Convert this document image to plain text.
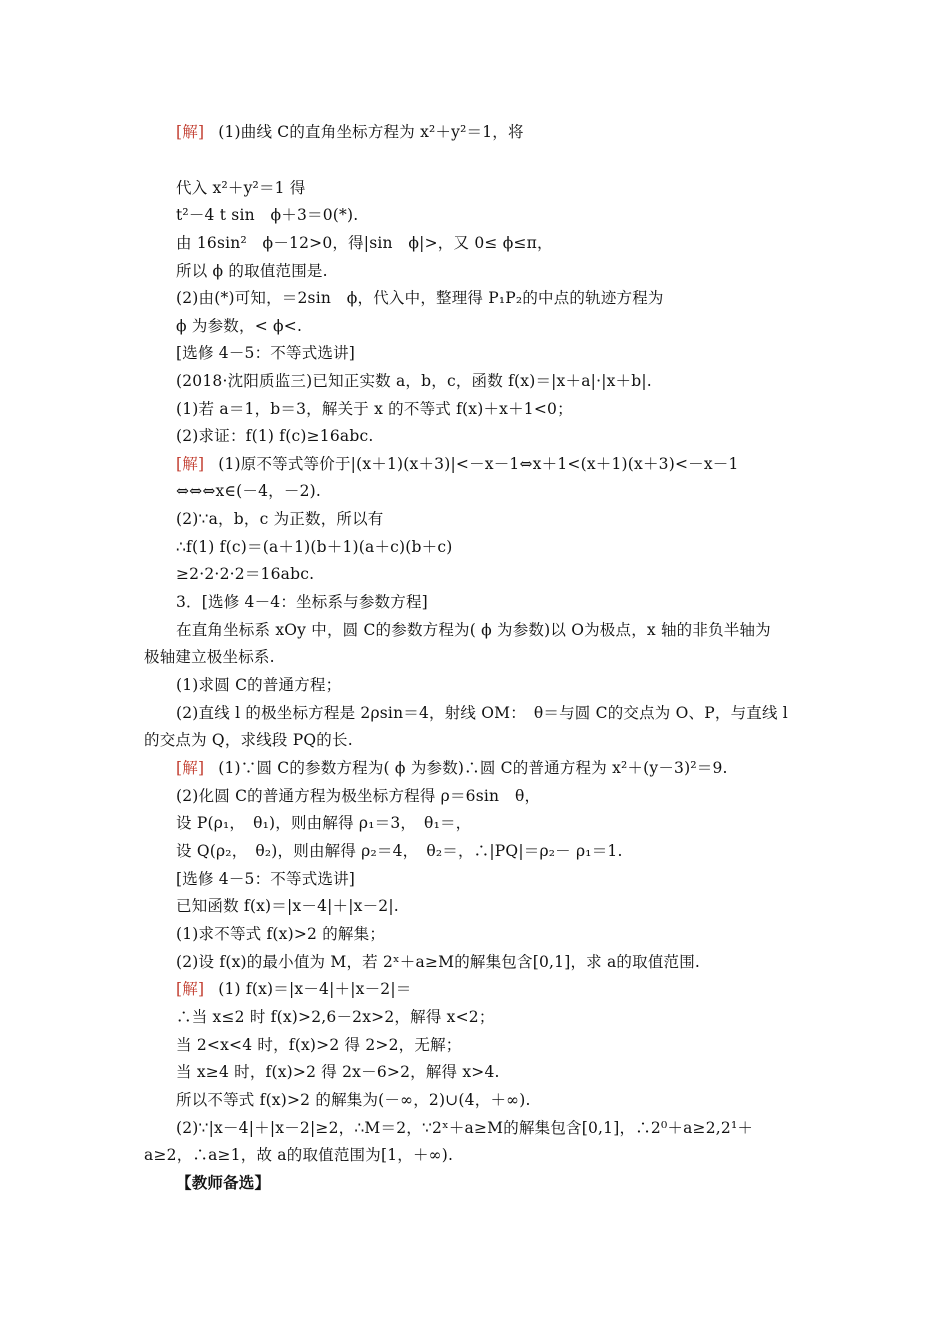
[解] (1)曲线 C的直角坐标方程为 x²＋y²＝1，将
代入 x²＋y²＝1 得
t²－4 t sin　ϕ＋3＝0(*).
由 16sin²　ϕ－12>0，得|sin　ϕ|>，又 0≤ ϕ≤π，
所以 ϕ 的取值范围是.
(2)由(*)可知，＝2sin　ϕ，代入中，整理得 P₁P₂的中点的轨迹方程为
ϕ 为参数，< ϕ<.
[选修 4－5：不等式选讲]
(2018·沈阳质监三)已知正实数 a，b，c，函数 f(x)＝|x＋a|·|x＋b|.
(1)若 a＝1，b＝3，解关于 x 的不等式 f(x)＋x＋1<0；
(2)求证：f(1) f(c)≥16abc.
[解] (1)原不等式等价于|(x＋1)(x＋3)|<－x－1⇔x＋1<(x＋1)(x＋3)<－x－1
⇔⇔⇔x∈(－4，－2).
(2)∵a，b，c 为正数，所以有
∴f(1) f(c)＝(a＋1)(b＋1)(a＋c)(b＋c)
≥2·2·2·2＝16abc.
3．[选修 4－4：坐标系与参数方程]
在直角坐标系 xOy 中，圆 C的参数方程为( ϕ 为参数)以 O为极点，x 轴的非负半轴为
极轴建立极坐标系.
(1)求圆 C的普通方程；
(2)直线 l 的极坐标方程是 2ρsin＝4，射线 OM：　θ＝与圆 C的交点为 O、P，与直线 l
的交点为 Q，求线段 PQ的长.
[解] (1)∵圆 C的参数方程为( ϕ 为参数)∴圆 C的普通方程为 x²＋(y－3)²＝9.
(2)化圆 C的普通方程为极坐标方程得 ρ＝6sin　θ，
设 P(ρ₁，　θ₁)，则由解得 ρ₁＝3，　θ₁＝，
设 Q(ρ₂，　θ₂)，则由解得 ρ₂＝4，　θ₂＝，∴|PQ|＝ρ₂－ ρ₁＝1.
[选修 4－5：不等式选讲]
已知函数 f(x)＝|x－4|＋|x－2|.
(1)求不等式 f(x)>2 的解集；
(2)设 f(x)的最小值为 M，若 2ˣ＋a≥M的解集包含[0,1]，求 a的取值范围.
[解] (1) f(x)＝|x－4|＋|x－2|＝
∴当 x≤2 时 f(x)>2,6－2x>2，解得 x<2；
当 2<x<4 时，f(x)>2 得 2>2，无解；
当 x≥4 时，f(x)>2 得 2x－6>2，解得 x>4.
所以不等式 f(x)>2 的解集为(－∞，2)∪(4，＋∞).
(2)∵|x－4|＋|x－2|≥2，∴M＝2，∵2ˣ＋a≥M的解集包含[0,1]，∴2⁰＋a≥2,2¹＋
a≥2，∴a≥1，故 a的取值范围为[1，＋∞).
【教师备选】
